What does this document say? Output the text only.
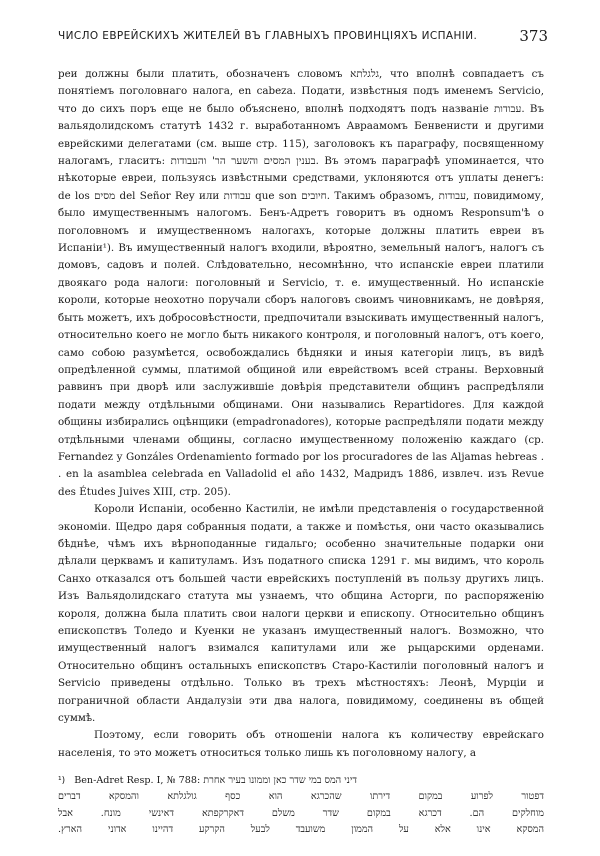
ЧИСЛО ЕВРЕЙСКИХЪ ЖИТЕЛЕЙ ВЪ ГЛАВНЫХЪ ПРОВИНЦIЯХЪ ИСПАНIИ.	373

реи должны были платить, обозначенъ словомъ גלגלתא, что вполнѣ совпадаетъ съ понятіемъ поголовнаго налога, en cabeza. Подати, извѣстныя подъ именемъ Servicio, что до сихъ поръ еще не было объяснено, вполнѣ подходятъ подъ названіе עבודות. Въ вальядолидскомъ статутѣ 1432 г. выработанномъ Авраамомъ Бенвенисти и другими еврейскими делегатами (см. выше стр. 115), заголовокъ къ параграфу, посвященному налогамъ, гласитъ: בענין המסים והשער הר' והעבודות. Въ этомъ параграфѣ упоминается, что нѣкоторые евреи, пользуясь извѣстными средствами, уклоняются отъ уплаты денегъ: de los מסים del Señor Rey или עבודות que son חיובים. Такимъ образомъ, עבודות, повидимому, было имущественнымъ налогомъ. Бенъ-Адретъ говоритъ въ одномъ Responsum'ѣ о поголовномъ и имущественномъ налогахъ, которые должны платить евреи въ Испаніи¹). Въ имущественный налогъ входили, вѣроятно, земельный налогъ, налогъ съ домовъ, садовъ и полей. Слѣдовательно, несомнѣнно, что испанскіе евреи платили двоякаго рода налоги: поголовный и Servicio, т. е. имущественный. Но испанскіе короли, которые неохотно поручали сборъ налоговъ своимъ чиновникамъ, не довѣряя, быть можетъ, ихъ добросовѣстности, предпочитали взыскивать имущественный налогъ, относительно коего не могло быть никакого контроля, и поголовный налогъ, отъ коего, само собою разумѣется, освобождались бѣдняки и иныя категоріи лицъ, въ видѣ опредѣленной суммы, платимой общиной или еврействомъ всей страны. Верховный раввинъ при дворѣ или заслужившіе довѣрія представители общинъ распредѣляли подати между отдѣльными общинами. Они назывались Repartidores. Для каждой общины избирались оцѣнщики (empadronadores), которые распредѣляли подати между отдѣльными членами общины, согласно имущественному положенію каждаго (ср. Fernandez y Gonzáles Ordenamiento formado por los procuradores de las Aljamas hebreas . . en la asamblea celebrada en Valladolid el año 1432, Мадридъ 1886, извлеч. изъ Revue des Études Juives XIII, стр. 205).

Короли Испаніи, особенно Кастиліи, не имѣли представленія о государственной экономіи. Щедро даря собранныя подати, а также и помѣстья, они часто оказывались бѣднѣе, чѣмъ ихъ вѣрноподанные гидальго; особенно значительные подарки они дѣлали церквамъ и капитуламъ. Изъ податного списка 1291 г. мы видимъ, что король Санхо отказался отъ большей части еврейскихъ поступленій въ пользу другихъ лицъ. Изъ Вальядолидскаго статута мы узнаемъ, что община Асторги, по распоряженію короля, должна была платить свои налоги церкви и епископу. Относительно общинъ епископствъ Толедо и Куенки не указанъ имущественный налогъ. Возможно, что имущественный налогъ взимался капитулами или же рыцарскими орденами. Относительно общинъ остальныхъ епископствъ Старо-Кастиліи поголовный налогъ и Servicio приведены отдѣльно. Только въ трехъ мѣстностяхъ: Леонѣ, Мурціи и пограничной области Андалузіи эти два налога, повидимому, соединены въ общей суммѣ.

Поэтому, если говорить объ отношеніи налога къ количеству еврейскаго населенія, то это можетъ относиться только лишь къ поголовному налогу, а

¹) Ben-Adret Resp. I, № 788: דיני המס במי שדר כאן וממונו בעיר אחרת

דפטור לפרוע במקום דירתו שהכרגא הוא כסף גולגלתא והמסקא דברים

מוחלקים הם. דכרגא במקום שדר משלם דאקרקפתא דאינשי מונח. אבל

המסקא אינו אלא על הממון משועבד לבעל הקרקע דהיינו אדוני הארץ.
